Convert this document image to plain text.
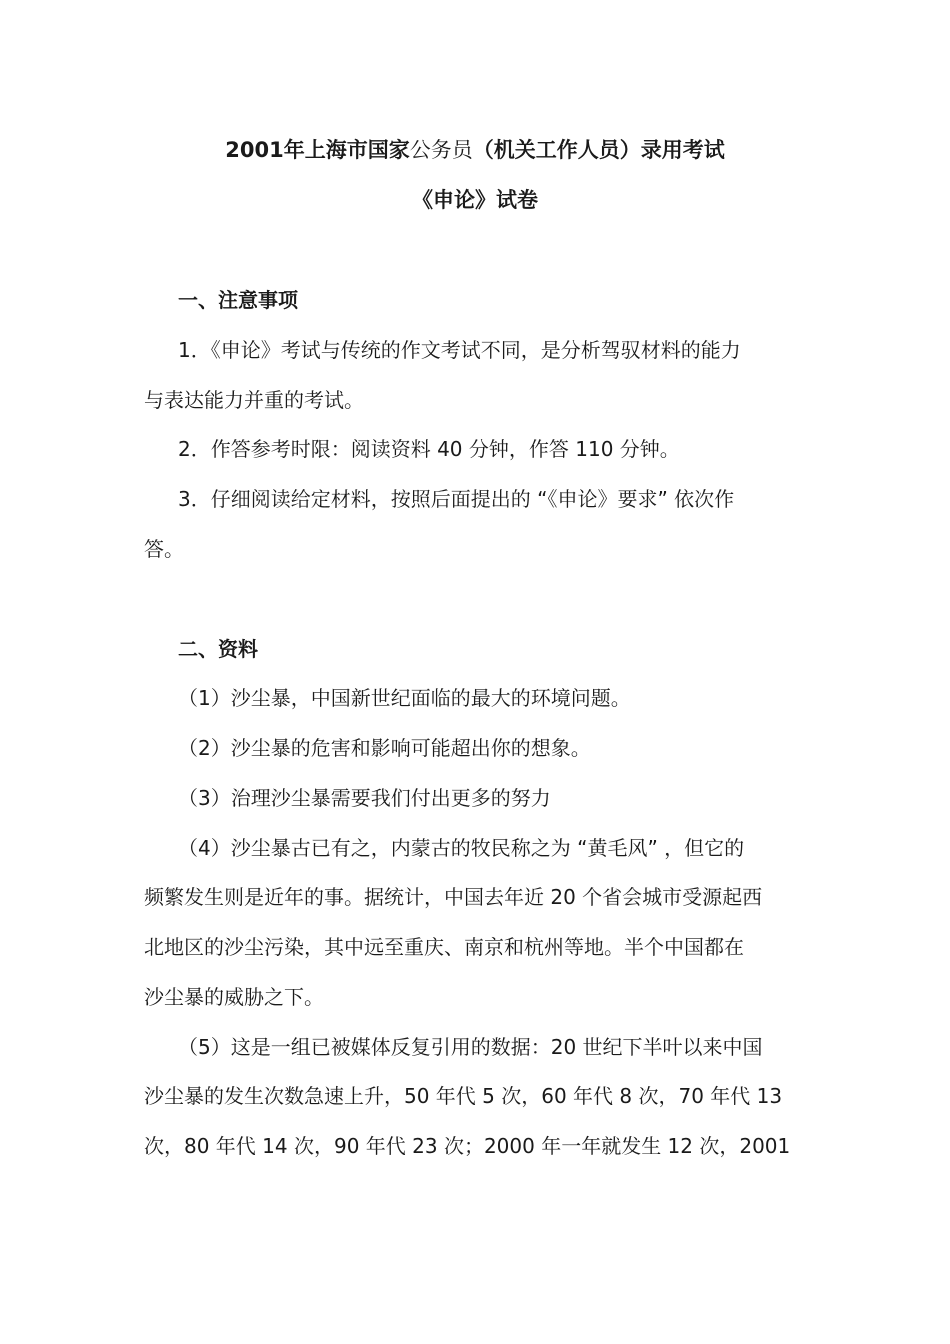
2001年上海市国家公务员（机关工作人员）录用考试
《申论》试卷
一、注意事项
1．《申论》考试与传统的作文考试不同，是分析驾驭材料的能力
与表达能力并重的考试。
2．作答参考时限：阅读资料 40 分钟，作答 110 分钟。
3．仔细阅读给定材料，按照后面提出的 “《申论》要求” 依次作
答。
二、资料
（1）沙尘暴，中国新世纪面临的最大的环境问题。
（2）沙尘暴的危害和影响可能超出你的想象。
（3）治理沙尘暴需要我们付出更多的努力
（4）沙尘暴古已有之，内蒙古的牧民称之为 “黄毛风” ，但它的
频繁发生则是近年的事。据统计，中国去年近 20 个省会城市受源起西
北地区的沙尘污染，其中远至重庆、南京和杭州等地。半个中国都在
沙尘暴的威胁之下。
（5）这是一组已被媒体反复引用的数据：20 世纪下半叶以来中国
沙尘暴的发生次数急速上升，50 年代 5 次，60 年代 8 次，70 年代 13
次，80 年代 14 次，90 年代 23 次；2000 年一年就发生 12 次，2001
